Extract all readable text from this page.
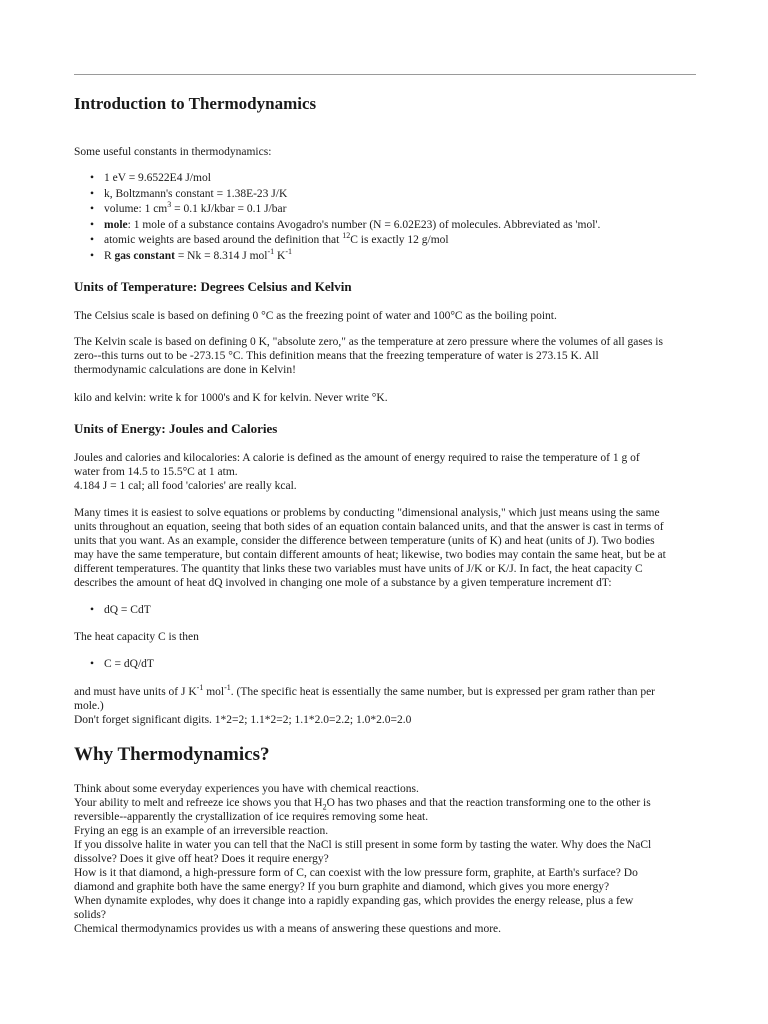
Introduction to Thermodynamics

Some useful constants in thermodynamics:

• 1 eV = 9.6522E4 J/mol
• k, Boltzmann's constant = 1.38E-23 J/K
• volume: 1 $cm^3 = 0.1$ kJ/kbar = 0.1 J/bar
• mole: 1 mole of a substance contains Avogadro's number (N = 6.02E23) of molecules. Abbreviated as 'mol'.
• atomic weights are based around the definition that $^{12}$C is exactly 12 g/mol
• R gas constant = Nk = 8.314 J mol$^{-1}$ $K^{-1}$
Units of Temperature: Degrees Celsius and Kelvin

The Celsius scale is based on defining 0 °C as the freezing point of water and 100°C as the boiling point.

The Kelvin scale is based on defining 0 K, "absolute zero," as the temperature at zero pressure where the volumes of all gases is
zero--this turns out to be -273.15 °C. This definition means that the freezing temperature of water is 273.15 K. All
thermodynamic calculations are done in Kelvin!

kilo and kelvin: write k for 1000's and K for kelvin. Never write °K.

Units of Energy: Joules and Calories

Joules and calories and kilocalories: A calorie is defined as the amount of energy required to raise the temperature of 1 g of
water from 14.5 to 15.5°C at 1 atm.
4.184 J = 1 cal; all food 'calories' are really kcal.

Many times it is easiest to solve equations or problems by conducting "dimensional analysis," which just means using the same
units throughout an equation, seeing that both sides of an equation contain balanced units, and that the answer is cast in terms of
units that you want. As an example, consider the difference between temperature (units of K) and heat (units of J). Two bodies
may have the same temperature, but contain different amounts of heat; likewise, two bodies may contain the same heat, but be at
different temperatures. The quantity that links these two variables must have units of J/K or K/J. In fact, the heat capacity C
describes the amount of heat dQ involved in changing one mole of a substance by a given temperature increment dT:

• dQ = CdT

The heat capacity C is then

• C = dQ/dT

and must have units of J $K^{-1}$ mol$^{-1}$. (The specific heat is essentially the same number, but is expressed per gram rather than per
mole.)
Don't forget significant digits. 1*2=2; 1.1*2=2; 1.1*2.0=2.2; 1.0*2.0=2.0

Why Thermodynamics?

Think about some everyday experiences you have with chemical reactions.
Your ability to melt and refreeze ice shows you that $H_2O$ has two phases and that the reaction transforming one to the other is
reversible--apparently the crystallization of ice requires removing some heat.
Frying an egg is an example of an irreversible reaction.
If you dissolve halite in water you can tell that the NaCl is still present in some form by tasting the water. Why does the NaCl
dissolve? Does it give off heat? Does it require energy?
How is it that diamond, a high-pressure form of C, can coexist with the low pressure form, graphite, at Earth's surface? Do
diamond and graphite both have the same energy? If you burn graphite and diamond, which gives you more energy?
When dynamite explodes, why does it change into a rapidly expanding gas, which provides the energy release, plus a few
solids?
Chemical thermodynamics provides us with a means of answering these questions and more.
